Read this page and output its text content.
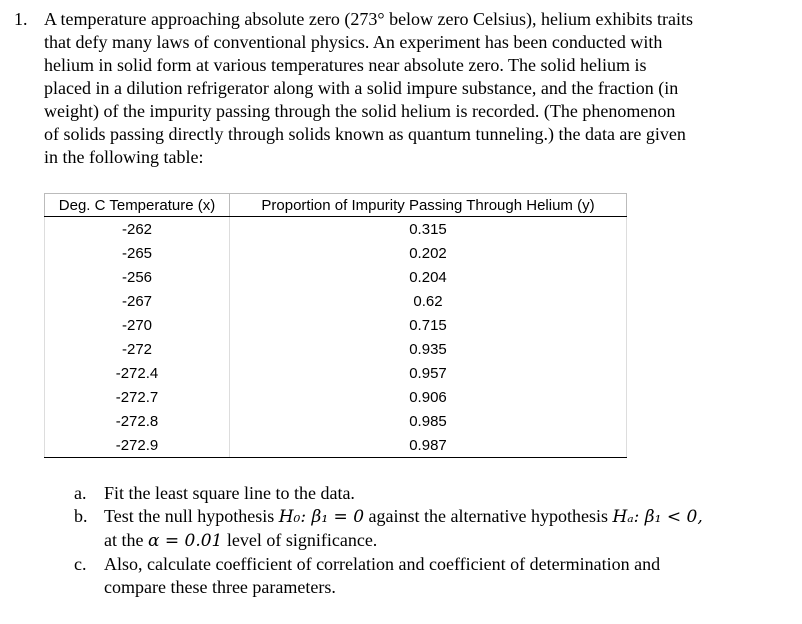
1. A temperature approaching absolute zero (273° below zero Celsius), helium exhibits traits
that defy many laws of conventional physics. An experiment has been conducted with
helium in solid form at various temperatures near absolute zero. The solid helium is
placed in a dilution refrigerator along with a solid impure substance, and the fraction (in
weight) of the impurity passing through the solid helium is recorded. (The phenomenon
of solids passing directly through solids known as quantum tunneling.) the data are given
in the following table:
Deg. C Temperature (x)	Proportion of Impurity Passing Through Helium (y)
-262	0.315
-265	0.202
-256	0.204
-267	0.62
-270	0.715
-272	0.935
-272.4	0.957
-272.7	0.906
-272.8	0.985
-272.9	0.987
a. Fit the least square line to the data.
b. Test the null hypothesis H₀: β₁ = 0 against the alternative hypothesis Hₐ: β₁ < 0,
at the α = 0.01 level of significance.
c. Also, calculate coefficient of correlation and coefficient of determination and
compare these three parameters.
